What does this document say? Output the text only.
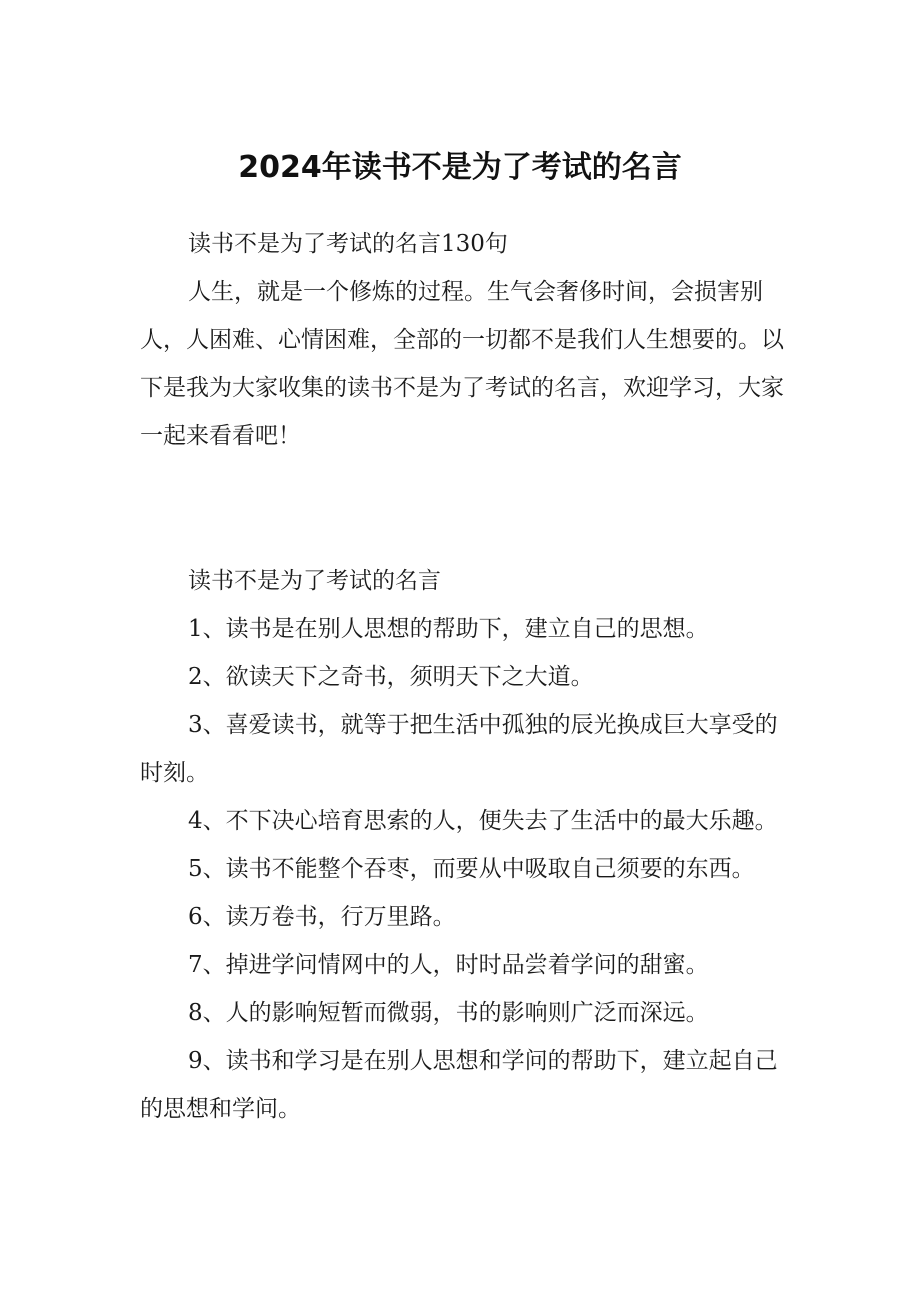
2024年读书不是为了考试的名言

读书不是为了考试的名言130句

人生，就是一个修炼的过程。生气会奢侈时间，会损害别人，人困难、心情困难，全部的一切都不是我们人生想要的。以下是我为大家收集的读书不是为了考试的名言，欢迎学习，大家一起来看看吧！

读书不是为了考试的名言

1、读书是在别人思想的帮助下，建立自己的思想。

2、欲读天下之奇书，须明天下之大道。

3、喜爱读书，就等于把生活中孤独的辰光换成巨大享受的时刻。

4、不下决心培育思索的人，便失去了生活中的最大乐趣。

5、读书不能整个吞枣，而要从中吸取自己须要的东西。

6、读万卷书，行万里路。

7、掉进学问情网中的人，时时品尝着学问的甜蜜。

8、人的影响短暂而微弱，书的影响则广泛而深远。

9、读书和学习是在别人思想和学问的帮助下，建立起自己的思想和学问。
